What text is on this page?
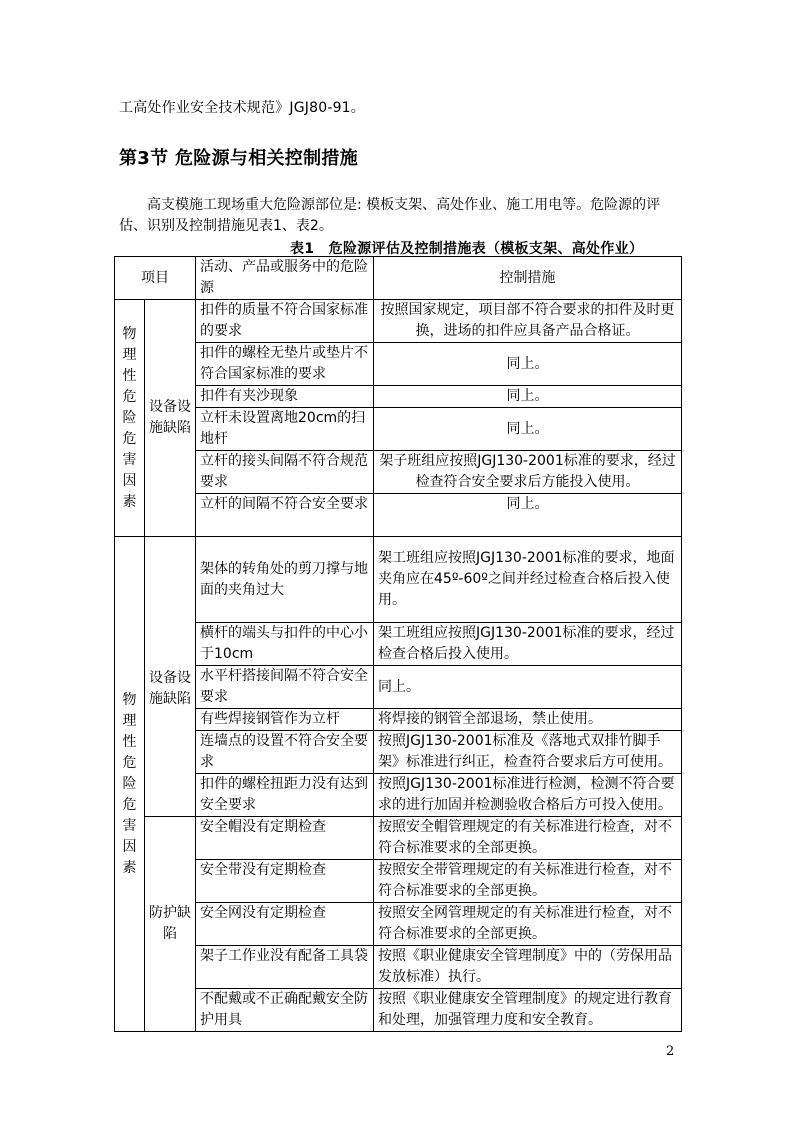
工高处作业安全技术规范》JGJ80-91。
第3节 危险源与相关控制措施
高支模施工现场重大危险源部位是: 模板支架、高处作业、施工用电等。危险源的评估、识别及控制措施见表1、表2。
表1　危险源评估及控制措施表（模板支架、高处作业）
项目		活动、产品或服务中的危险源	控制措施
物理性危险危害因素	设备设施缺陷	扣件的质量不符合国家标准的要求	按照国家规定，项目部不符合要求的扣件及时更换，进场的扣件应具备产品合格证。
		扣件的螺栓无垫片或垫片不符合国家标准的要求	同上。
		扣件有夹沙现象	同上。
		立杆未设置离地20cm的扫地杆	同上。
		立杆的接头间隔不符合规范要求	架子班组应按照JGJ130-2001标准的要求，经过检查符合安全要求后方能投入使用。
		立杆的间隔不符合安全要求	同上。
物理性危险危害因素	设备设施缺陷	架体的转角处的剪刀撑与地面的夹角过大	架工班组应按照JGJ130-2001标准的要求，地面夹角应在45º-60º之间并经过检查合格后投入使用。
		横杆的端头与扣件的中心小于10cm	架工班组应按照JGJ130-2001标准的要求，经过检查合格后投入使用。
		水平杆搭接间隔不符合安全要求	同上。
		有些焊接钢管作为立杆	将焊接的钢管全部退场，禁止使用。
		连墙点的设置不符合安全要求	按照JGJ130-2001标准及《落地式双排竹脚手架》标准进行纠正，检查符合要求后方可使用。
		扣件的螺栓扭距力没有达到安全要求	按照JGJ130-2001标准进行检测，检测不符合要求的进行加固并检测验收合格后方可投入使用。
	防护缺陷	安全帽没有定期检查	按照安全帽管理规定的有关标准进行检查，对不符合标准要求的全部更换。
		安全带没有定期检查	按照安全带管理规定的有关标准进行检查，对不符合标准要求的全部更换。
		安全网没有定期检查	按照安全网管理规定的有关标准进行检查，对不符合标准要求的全部更换。
		架子工作业没有配备工具袋	按照《职业健康安全管理制度》中的（劳保用品发放标准）执行。
		不配戴或不正确配戴安全防护用具	按照《职业健康安全管理制度》的规定进行教育和处理，加强管理力度和安全教育。
2
